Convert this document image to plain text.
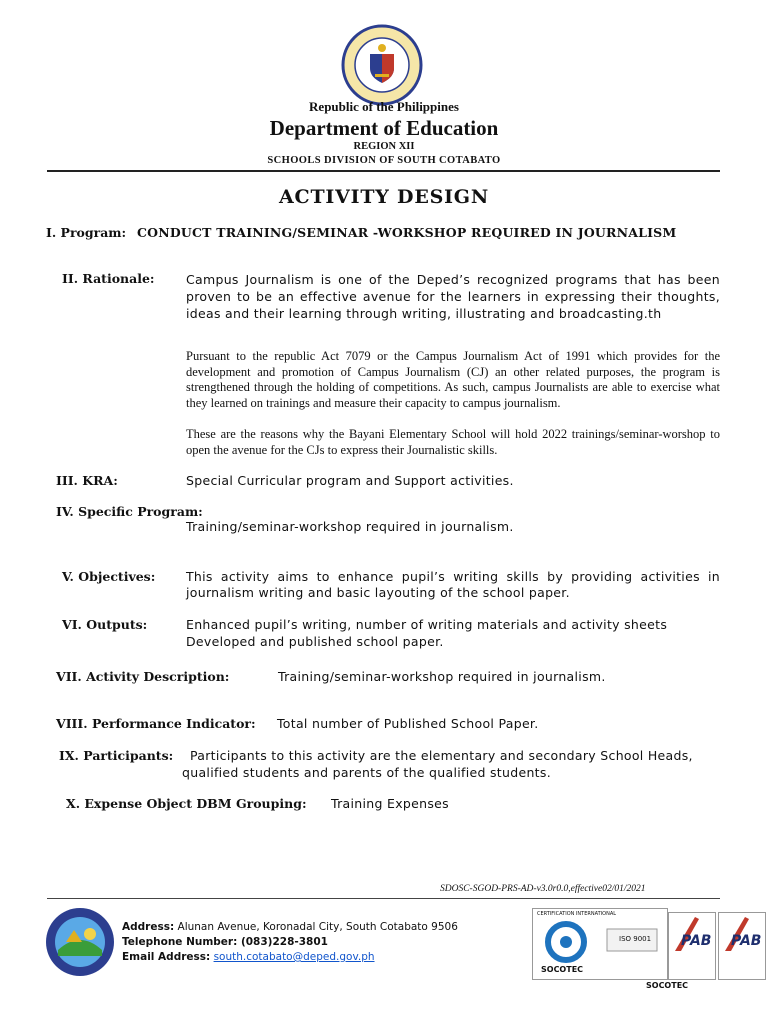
Republic of the Philippines
Department of Education
REGION XII
SCHOOLS DIVISION OF SOUTH COTABATO
ACTIVITY DESIGN
I. Program: CONDUCT TRAINING/SEMINAR -WORKSHOP REQUIRED IN JOURNALISM
II. Rationale:	Campus Journalism is one of the Deped’s recognized programs that has been proven to be an effective avenue for the learners in expressing their thoughts, ideas and their learning through writing, illustrating and broadcasting.th
Pursuant to the republic Act 7079 or the Campus Journalism Act of 1991 which provides for the development and promotion of Campus Journalism (CJ) an other related purposes, the program is strengthened through the holding of competitions. As such, campus Journalists are able to exercise what they learned on trainings and measure their capacity to campus journalism.
These are the reasons why the Bayani Elementary School will hold 2022 trainings/seminar-worshop to open the avenue for the CJs to express their Journalistic skills.
III. KRA:	Special Curricular program and Support activities.
IV. Specific Program:
Training/seminar-workshop required in journalism.
V. Objectives: This activity aims to enhance pupil’s writing skills by providing activities in journalism writing and basic layouting of the school paper.
VI. Outputs:	Enhanced pupil’s writing, number of writing materials and activity sheets
Developed and published school paper.
VII. Activity Description:	Training/seminar-workshop required in journalism.
VIII. Performance Indicator: Total number of Published School Paper.
IX. Participants: Participants to this activity are the elementary and secondary School Heads,
qualified students and parents of the qualified students.
X. Expense Object DBM Grouping: Training Expenses
SDOSC-SGOD-PRS-AD-v3.0r0.0,effective02/01/2021
Address: Alunan Avenue, Koronadal City, South Cotabato 9506
Telephone Number: (083)228-3801
Email Address: south.cotabato@deped.gov.ph
CERTIFICATION INTERNATIONAL
SOCOTEC
ISO 9001 PAB PAB
SOCOTEC
